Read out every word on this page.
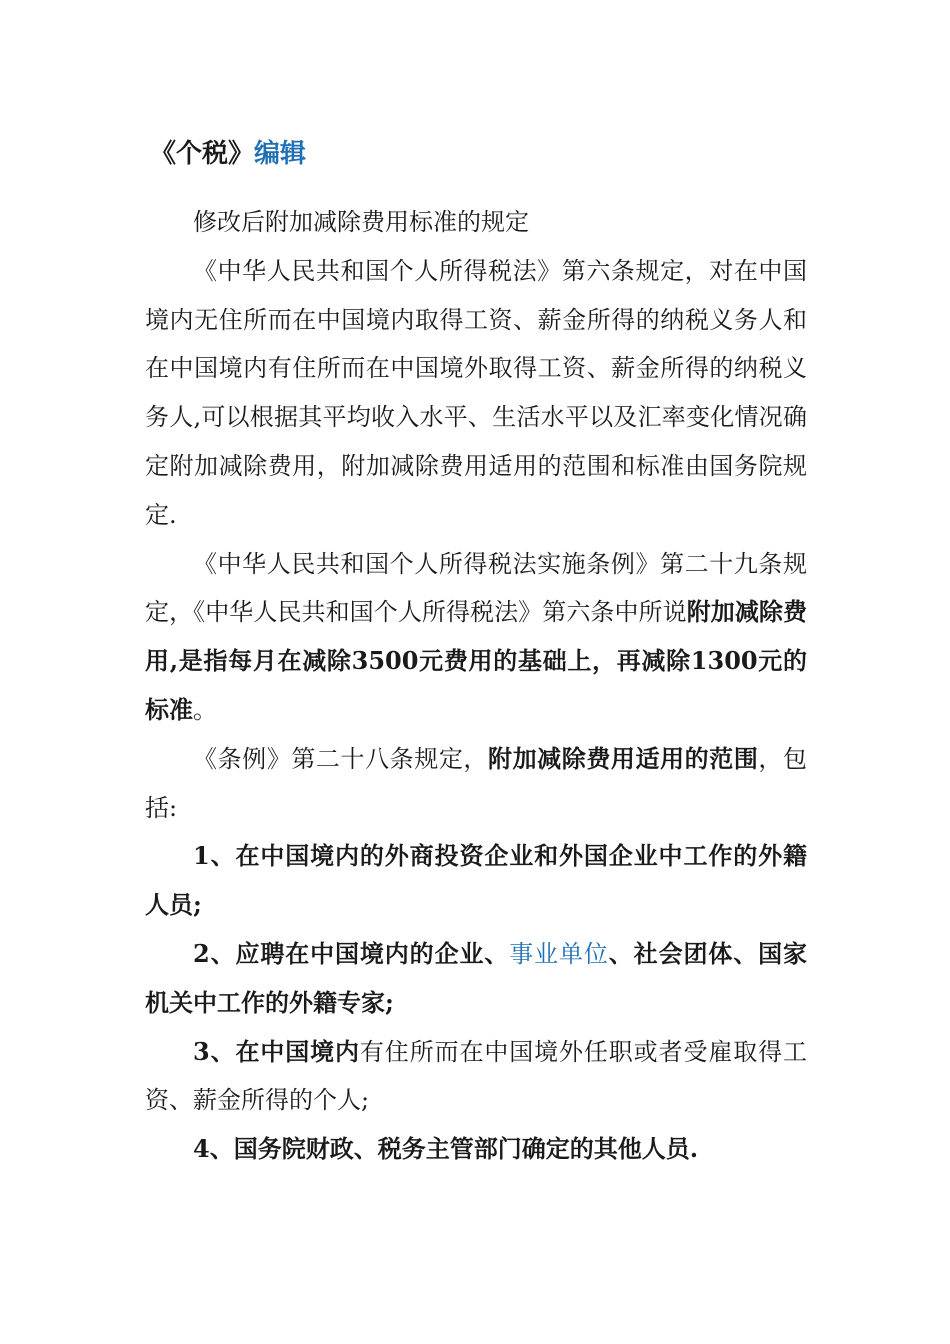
《个税》编辑

修改后附加减除费用标准的规定

《中华人民共和国个人所得税法》第六条规定，对在中国境内无住所而在中国境内取得工资、薪金所得的纳税义务人和在中国境内有住所而在中国境外取得工资、薪金所得的纳税义务人,可以根据其平均收入水平、生活水平以及汇率变化情况确定附加减除费用，附加减除费用适用的范围和标准由国务院规定.

《中华人民共和国个人所得税法实施条例》第二十九条规定，《中华人民共和国个人所得税法》第六条中所说附加减除费用,是指每月在减除3500元费用的基础上，再减除1300元的标准。

《条例》第二十八条规定，附加减除费用适用的范围，包括:

1、在中国境内的外商投资企业和外国企业中工作的外籍人员;

2、应聘在中国境内的企业、事业单位、社会团体、国家机关中工作的外籍专家;

3、在中国境内有住所而在中国境外任职或者受雇取得工资、薪金所得的个人;

4、国务院财政、税务主管部门确定的其他人员.
